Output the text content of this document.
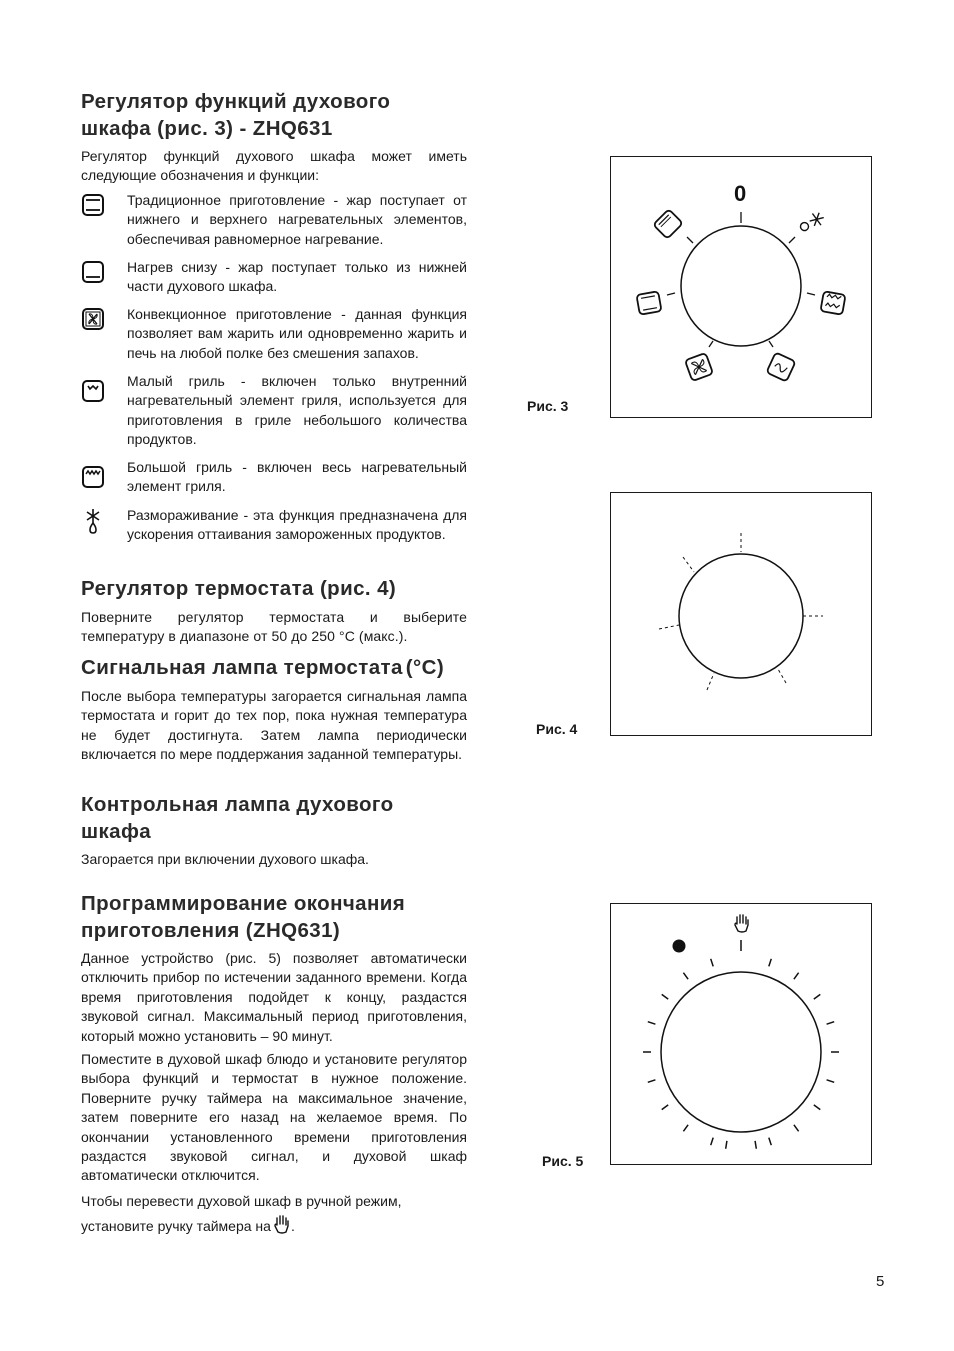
Регулятор функций духового
шкафа (рис. 3) - ZHQ631

Регулятор функций духового шкафа может иметь следующие обозначения и функции:

Традиционное приготовление - жар поступает от нижнего и верхнего нагревательных элементов, обеспечивая равномерное нагревание.

Нагрев снизу - жар поступает только из нижней части духового шкафа.

Конвекционное приготовление - данная функция позволяет вам жарить или одновременно жарить и печь на любой полке без смешения запахов.

Малый гриль - включен только внутренний нагревательный элемент гриля, используется для приготовления в гриле небольшого количества продуктов.

Большой гриль - включен весь нагревательный элемент гриля.

Размораживание - эта функция предназначена для ускорения оттаивания замороженных продуктов.

Регулятор термостата (рис. 4)

Поверните регулятор термостата и выберите температуру в диапазоне от 50 до 250 °C (макс.).

Сигнальная лампа термостата (°C)

После выбора температуры загорается сигнальная лампа термостата и горит до тех пор, пока нужная температура не будет достигнута. Затем лампа периодически включается по мере поддержания заданной температуры.

Контрольная лампа духового
шкафа

Загорается при включении духового шкафа.

Программирование окончания
приготовления (ZHQ631)

Данное устройство (рис. 5) позволяет автоматически отключить прибор по истечении заданного времени. Когда время приготовления подойдет к концу, раздастся звуковой сигнал. Максимальный период приготовления, который можно установить – 90 минут.

Поместите в духовой шкаф блюдо и установите регулятор выбора функций и термостат в нужное положение. Поверните ручку таймера на максимальное значение, затем поверните его назад на желаемое время. По окончании установленного времени приготовления раздастся звуковой сигнал, и духовой шкаф автоматически отключится.

Чтобы перевести духовой шкаф в ручной режим,
установите ручку таймера на .

0
Рис. 3
Рис. 4
Рис. 5
5
